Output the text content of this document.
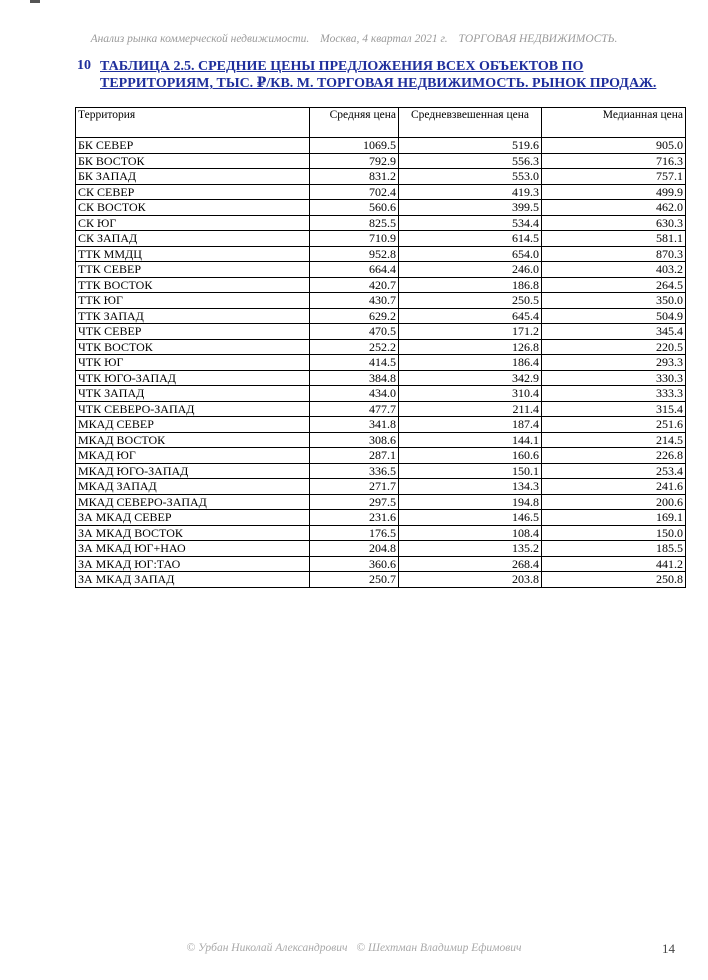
Анализ рынка коммерческой недвижимости. Москва, 4 квартал 2021 г. ТОРГОВАЯ НЕДВИЖИМОСТЬ.
10 ТАБЛИЦА 2.5. СРЕДНИЕ ЦЕНЫ ПРЕДЛОЖЕНИЯ ВСЕХ ОБЪЕКТОВ ПО ТЕРРИТОРИЯМ, ТЫС. ₽/КВ. М. ТОРГОВАЯ НЕДВИЖИМОСТЬ. РЫНОК ПРОДАЖ.
Территория	Средняя цена	Средневзвешенная цена	Медианная цена
БК СЕВЕР	1069.5	519.6	905.0
БК ВОСТОК	792.9	556.3	716.3
БК ЗАПАД	831.2	553.0	757.1
СК СЕВЕР	702.4	419.3	499.9
СК ВОСТОК	560.6	399.5	462.0
СК ЮГ	825.5	534.4	630.3
СК ЗАПАД	710.9	614.5	581.1
ТТК ММДЦ	952.8	654.0	870.3
ТТК СЕВЕР	664.4	246.0	403.2
ТТК ВОСТОК	420.7	186.8	264.5
ТТК ЮГ	430.7	250.5	350.0
ТТК ЗАПАД	629.2	645.4	504.9
ЧТК СЕВЕР	470.5	171.2	345.4
ЧТК ВОСТОК	252.2	126.8	220.5
ЧТК ЮГ	414.5	186.4	293.3
ЧТК ЮГО-ЗАПАД	384.8	342.9	330.3
ЧТК ЗАПАД	434.0	310.4	333.3
ЧТК СЕВЕРО-ЗАПАД	477.7	211.4	315.4
МКАД СЕВЕР	341.8	187.4	251.6
МКАД ВОСТОК	308.6	144.1	214.5
МКАД ЮГ	287.1	160.6	226.8
МКАД ЮГО-ЗАПАД	336.5	150.1	253.4
МКАД ЗАПАД	271.7	134.3	241.6
МКАД СЕВЕРО-ЗАПАД	297.5	194.8	200.6
ЗА МКАД СЕВЕР	231.6	146.5	169.1
ЗА МКАД ВОСТОК	176.5	108.4	150.0
ЗА МКАД ЮГ+НАО	204.8	135.2	185.5
ЗА МКАД ЮГ:ТАО	360.6	268.4	441.2
ЗА МКАД ЗАПАД	250.7	203.8	250.8
© Урбан Николай Александрович © Шехтман Владимир Ефимович	14
